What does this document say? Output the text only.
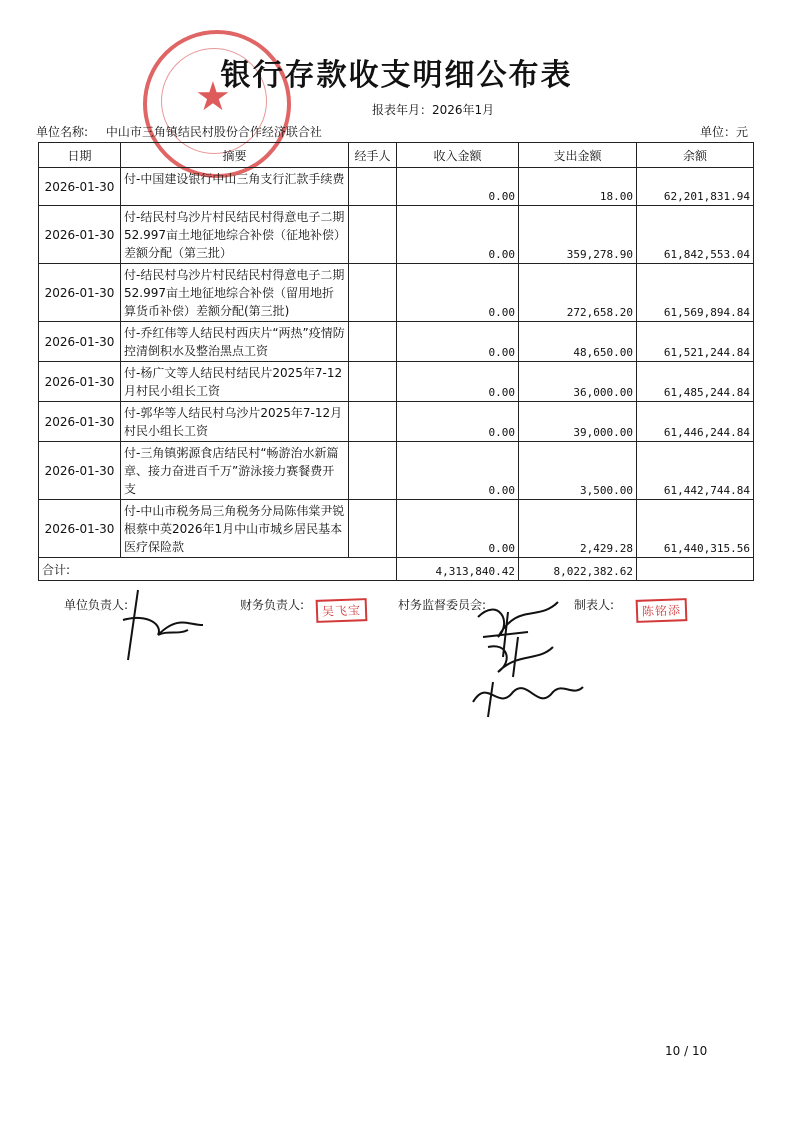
★
银行存款收支明细公布表
报表年月：2026年1月
单位名称: 中山市三角镇结民村股份合作经济联合社	单位：元
日期	摘要	经手人	收入金额	支出金额	余额
2026-01-30	付-中国建设银行中山三角支行汇款手续费		0.00	18.00	62,201,831.94
2026-01-30	付-结民村乌沙片村民结民村得意电子二期52.997亩土地征地综合补偿（征地补偿）差额分配（第三批）		0.00	359,278.90	61,842,553.04
2026-01-30	付-结民村乌沙片村民结民村得意电子二期52.997亩土地征地综合补偿（留用地折算货币补偿）差额分配(第三批)		0.00	272,658.20	61,569,894.84
2026-01-30	付-乔红伟等人结民村西庆片“两热”疫情防控清倒积水及整治黑点工资		0.00	48,650.00	61,521,244.84
2026-01-30	付-杨广文等人结民村结民片2025年7-12月村民小组长工资		0.00	36,000.00	61,485,244.84
2026-01-30	付-郭华等人结民村乌沙片2025年7-12月村民小组长工资		0.00	39,000.00	61,446,244.84
2026-01-30	付-三角镇粥源食店结民村“畅游治水新篇章、接力奋进百千万”游泳接力赛餐费开支		0.00	3,500.00	61,442,744.84
2026-01-30	付-中山市税务局三角税务分局陈伟棠尹锐根蔡中英2026年1月中山市城乡居民基本医疗保险款		0.00	2,429.28	61,440,315.56
合计:			4,313,840.42	8,022,382.62	
单位负责人:	财务负责人:	吴飞宝	村务监督委员会:	制表人:	陈铭添
10 / 10
